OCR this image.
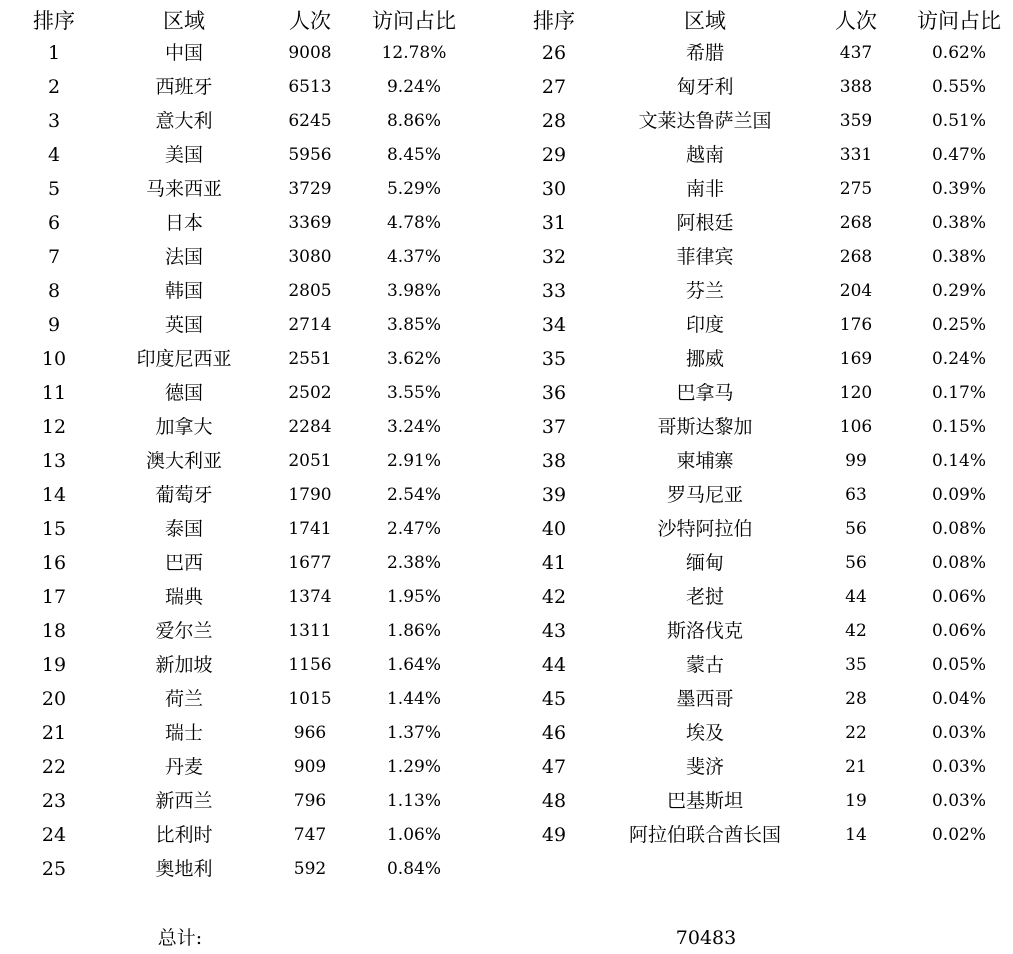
排序	区域	人次	访问占比	排序	区域	人次	访问占比
1	中国	9008	12.78%
2	西班牙	6513	9.24%
3	意大利	6245	8.86%
4	美国	5956	8.45%
5	马来西亚	3729	5.29%
6	日本	3369	4.78%
7	法国	3080	4.37%
8	韩国	2805	3.98%
9	英国	2714	3.85%
10	印度尼西亚	2551	3.62%
11	德国	2502	3.55%
12	加拿大	2284	3.24%
13	澳大利亚	2051	2.91%
14	葡萄牙	1790	2.54%
15	泰国	1741	2.47%
16	巴西	1677	2.38%
17	瑞典	1374	1.95%
18	爱尔兰	1311	1.86%
19	新加坡	1156	1.64%
20	荷兰	1015	1.44%
21	瑞士	966	1.37%
22	丹麦	909	1.29%
23	新西兰	796	1.13%
24	比利时	747	1.06%
25	奥地利	592	0.84%
26	希腊	437	0.62%
27	匈牙利	388	0.55%
28	文莱达鲁萨兰国	359	0.51%
29	越南	331	0.47%
30	南非	275	0.39%
31	阿根廷	268	0.38%
32	菲律宾	268	0.38%
33	芬兰	204	0.29%
34	印度	176	0.25%
35	挪威	169	0.24%
36	巴拿马	120	0.17%
37	哥斯达黎加	106	0.15%
38	柬埔寨	99	0.14%
39	罗马尼亚	63	0.09%
40	沙特阿拉伯	56	0.08%
41	缅甸	56	0.08%
42	老挝	44	0.06%
43	斯洛伐克	42	0.06%
44	蒙古	35	0.05%
45	墨西哥	28	0.04%
46	埃及	22	0.03%
47	斐济	21	0.03%
48	巴基斯坦	19	0.03%
49	阿拉伯联合酋长国	14	0.02%
总计:	70483
